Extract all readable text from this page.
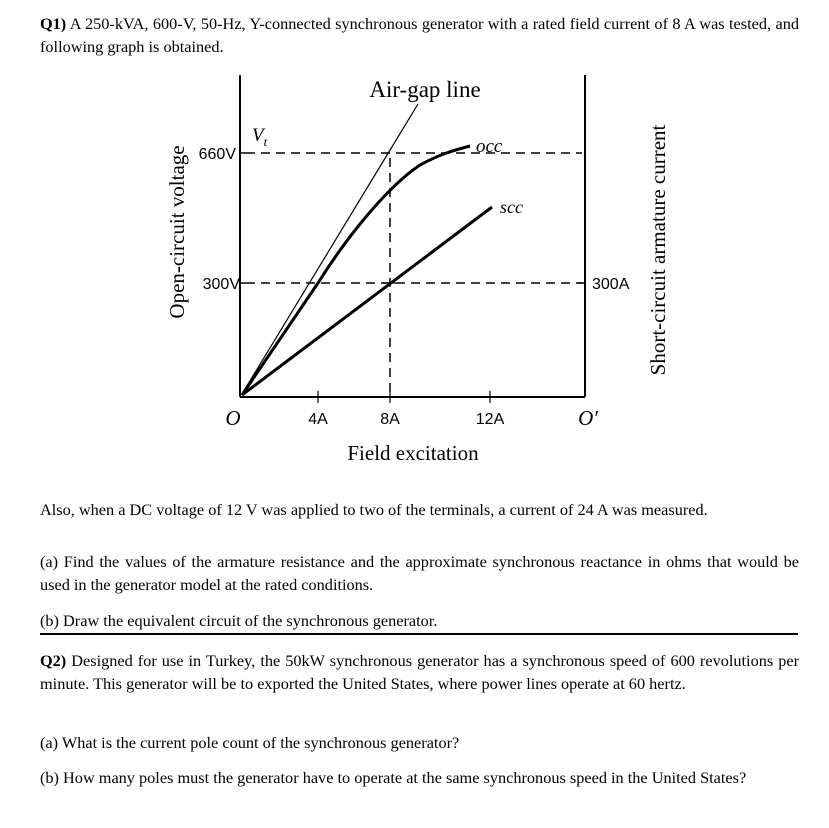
Q1) A 250-kVA, 600-V, 50-Hz, Y-connected synchronous generator with a rated field current of 8 A was tested, and following graph is obtained.
Air-gap line
$V_t$	occ
scc
660V
300V	300A
O	O′
4A	8A	12A
Field excitation
Open-circuit voltage	Short-circuit armature current
Also, when a DC voltage of 12 V was applied to two of the terminals, a current of 24 A was measured.
(a) Find the values of the armature resistance and the approximate synchronous reactance in ohms that would be used in the generator model at the rated conditions.
(b) Draw the equivalent circuit of the synchronous generator.
Q2) Designed for use in Turkey, the 50kW synchronous generator has a synchronous speed of 600 revolutions per minute. This generator will be to exported the United States, where power lines operate at 60 hertz.
(a) What is the current pole count of the synchronous generator?
(b) How many poles must the generator have to operate at the same synchronous speed in the United States?
